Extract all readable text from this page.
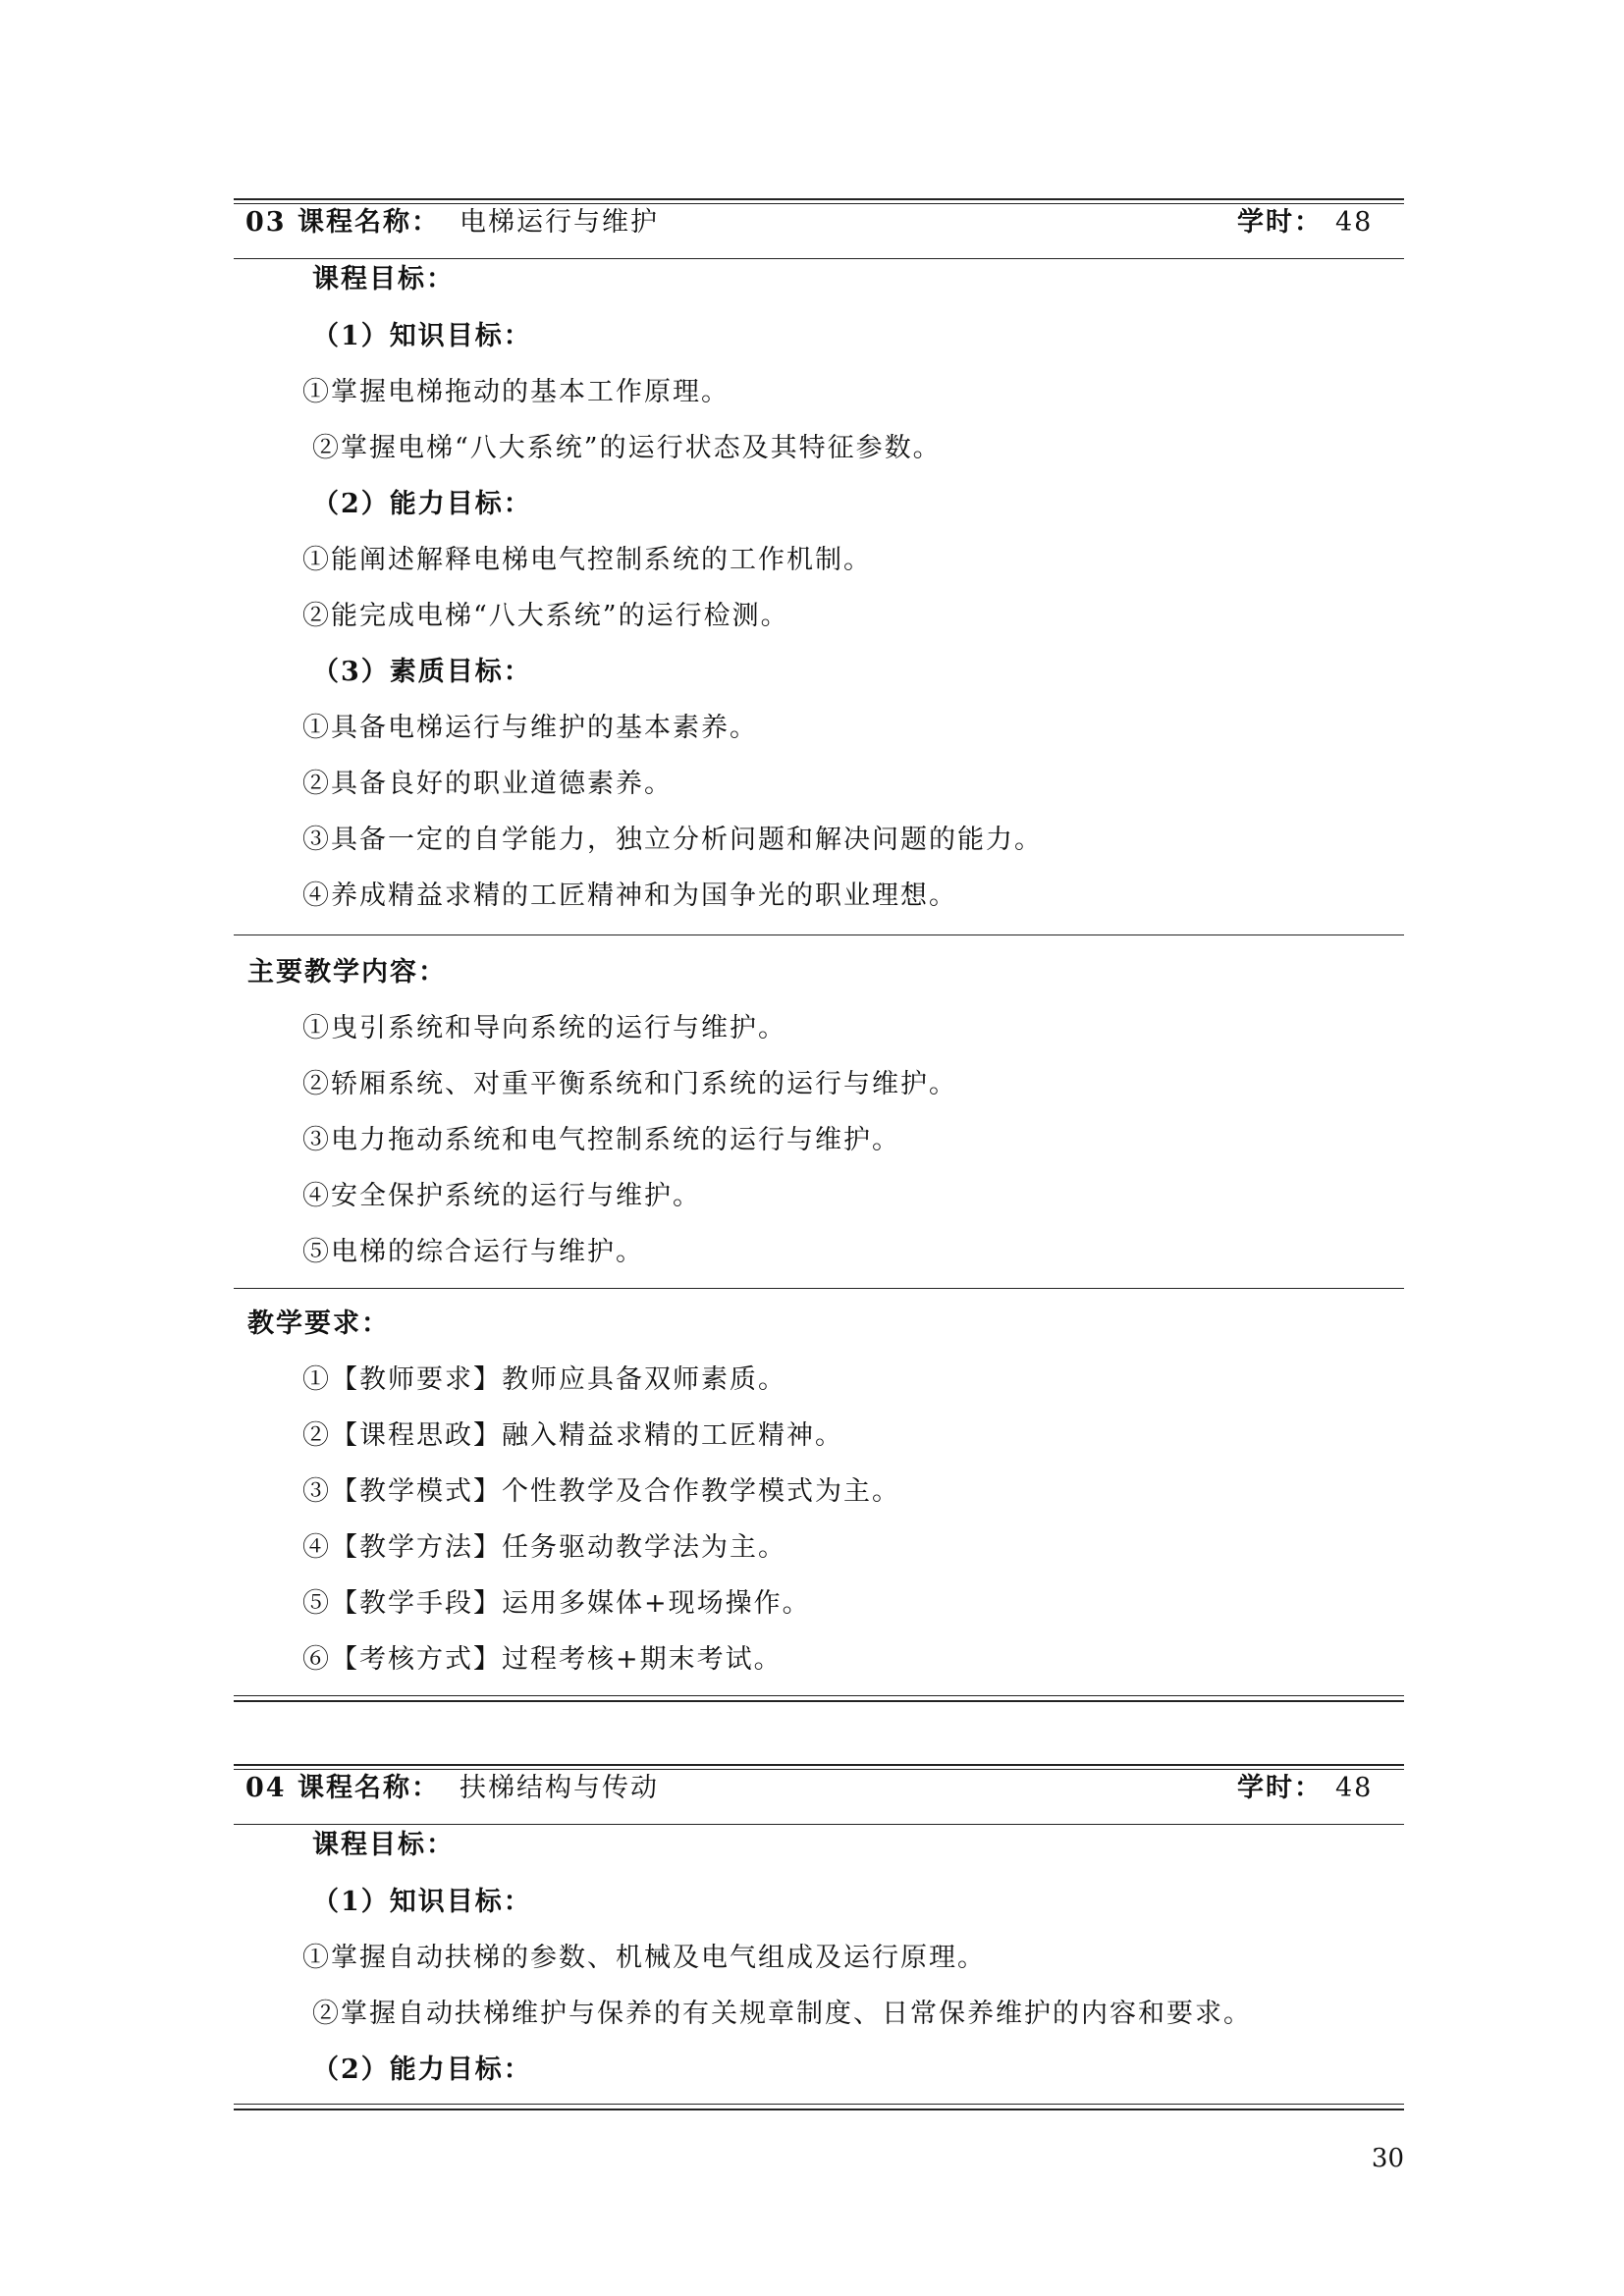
03 课程名称： 电梯运行与维护	学时： 48
课程目标：
（1）知识目标：
①掌握电梯拖动的基本工作原理。
②掌握电梯“八大系统”的运行状态及其特征参数。
（2）能力目标：
①能阐述解释电梯电气控制系统的工作机制。
②能完成电梯“八大系统”的运行检测。
（3）素质目标：
①具备电梯运行与维护的基本素养。
②具备良好的职业道德素养。
③具备一定的自学能力，独立分析问题和解决问题的能力。
④养成精益求精的工匠精神和为国争光的职业理想。
主要教学内容：
①曳引系统和导向系统的运行与维护。
②轿厢系统、对重平衡系统和门系统的运行与维护。
③电力拖动系统和电气控制系统的运行与维护。
④安全保护系统的运行与维护。
⑤电梯的综合运行与维护。
教学要求：
①【教师要求】教师应具备双师素质。
②【课程思政】融入精益求精的工匠精神。
③【教学模式】个性教学及合作教学模式为主。
④【教学方法】任务驱动教学法为主。
⑤【教学手段】运用多媒体+现场操作。
⑥【考核方式】过程考核+期末考试。
04 课程名称： 扶梯结构与传动	学时： 48
课程目标：
（1）知识目标：
①掌握自动扶梯的参数、机械及电气组成及运行原理。
②掌握自动扶梯维护与保养的有关规章制度、日常保养维护的内容和要求。
（2）能力目标：
30
